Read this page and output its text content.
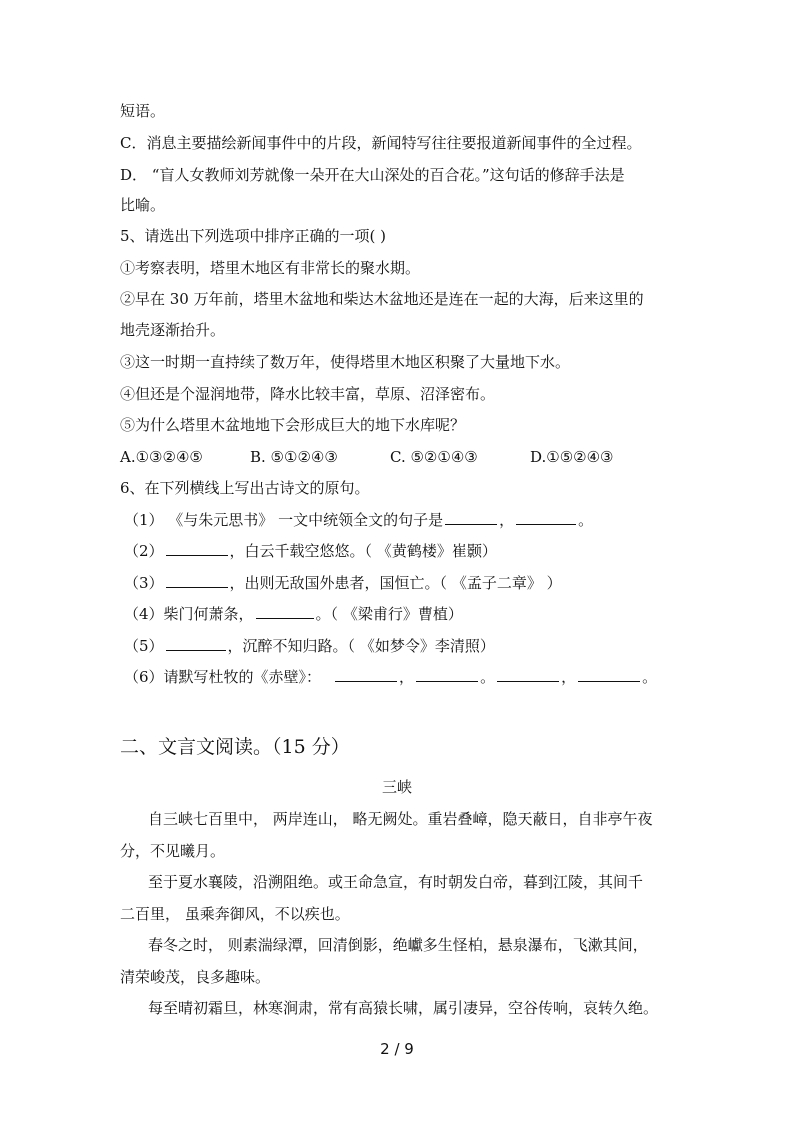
短语。
C．消息主要描绘新闻事件中的片段，新闻特写往往要报道新闻事件的全过程。
D． “盲人女教师刘芳就像一朵开在大山深处的百合花。”这句话的修辞手法是
比喻。
5、请选出下列选项中排序正确的一项( )
①考察表明，塔里木地区有非常长的聚水期。
②早在 30 万年前，塔里木盆地和柴达木盆地还是连在一起的大海，后来这里的
地壳逐渐抬升。
③这一时期一直持续了数万年，使得塔里木地区积聚了大量地下水。
④但还是个湿润地带，降水比较丰富，草原、沼泽密布。
⑤为什么塔里木盆地地下会形成巨大的地下水库呢？
A.①③②④⑤	B. ⑤①②④③	C. ⑤②①④③	D.①⑤②④③
6、在下列横线上写出古诗文的原句。
（1） 《与朱元思书》 一文中统领全文的句子是	，	。
（2）	，白云千载空悠悠。（ 《黄鹤楼》崔颢）
（3）	，出则无敌国外患者，国恒亡。（ 《孟子二章》 ）
（4）柴门何萧条，	。（ 《梁甫行》曹植）
（5）	，沉醉不知归路。（ 《如梦令》李清照）
（6）请默写杜牧的《赤壁》：	，	。	，	。
二、文言文阅读。（15 分）
三峡
自三峡七百里中， 两岸连山， 略无阙处。重岩叠嶂，隐天蔽日，自非亭午夜
分，不见曦月。
至于夏水襄陵，沿溯阻绝。或王命急宣，有时朝发白帝，暮到江陵，其间千
二百里， 虽乘奔御风，不以疾也。
春冬之时， 则素湍绿潭，回清倒影，绝巘多生怪柏，悬泉瀑布，飞漱其间，
清荣峻茂，良多趣味。
每至晴初霜旦，林寒涧肃，常有高猿长啸，属引凄异，空谷传响，哀转久绝。
2 / 9
